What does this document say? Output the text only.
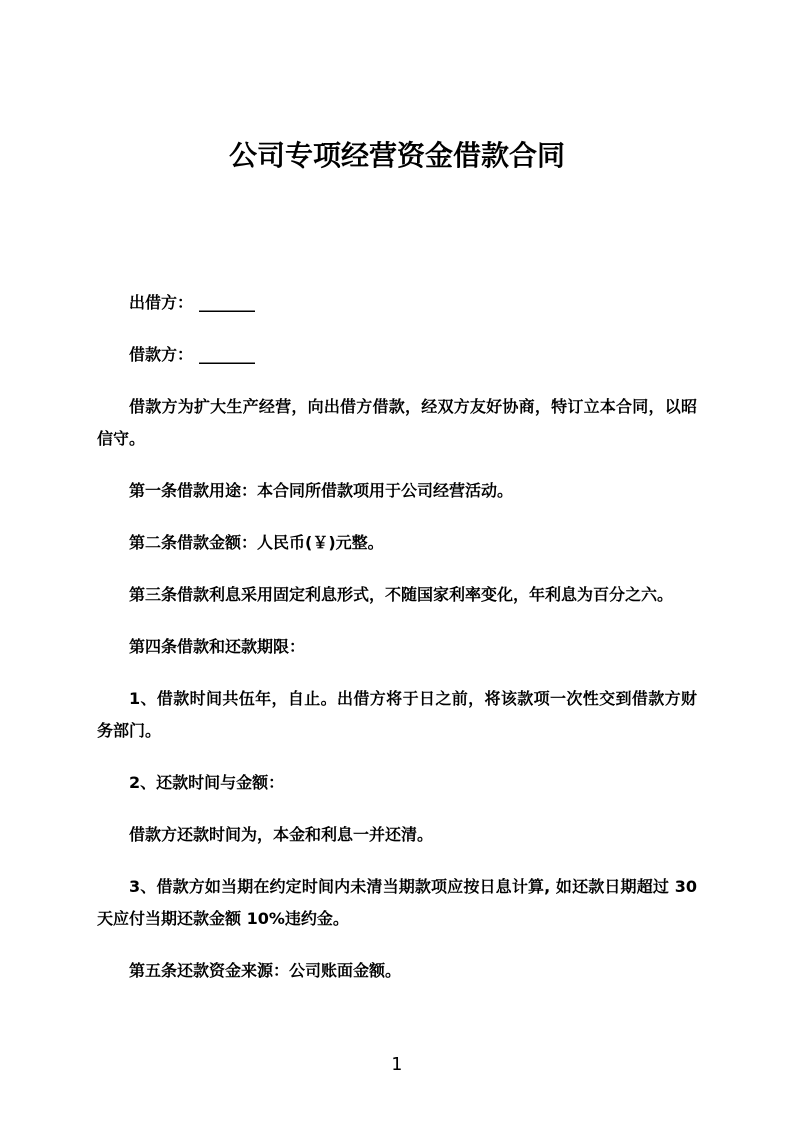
公司专项经营资金借款合同

出借方： _______

借款方： _______

借款方为扩大生产经营，向出借方借款，经双方友好协商，特订立本合同，以昭信守。

第一条借款用途：本合同所借款项用于公司经营活动。

第二条借款金额：人民币(￥)元整。

第三条借款利息采用固定利息形式，不随国家利率变化，年利息为百分之六。

第四条借款和还款期限：

1、借款时间共伍年，自止。出借方将于日之前，将该款项一次性交到借款方财务部门。

2、还款时间与金额：

借款方还款时间为，本金和利息一并还清。

3、借款方如当期在约定时间内未清当期款项应按日息计算, 如还款日期超过 30 天应付当期还款金额 10%违约金。

第五条还款资金来源：公司账面金额。

1
